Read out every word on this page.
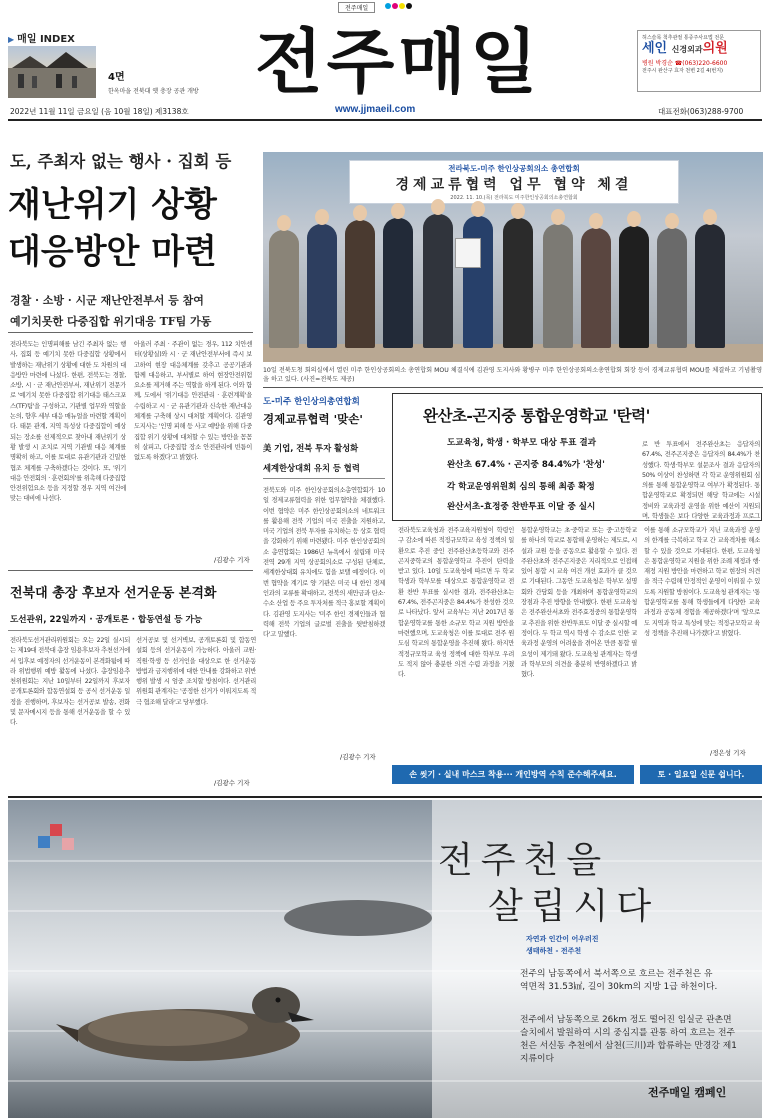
전주매일
▶ 매일 INDEX
4면
한옥마을 전북대 옛 충장 공관 개방 전주매일	허스슬목 척추관절 통증주사요법 전문
세인 신경외과의원
병원 박경순 ☎(063)220-6600
전주시 완산구 효자 천변 2길 4(번지)
2022년 11월 11일 금요일 (음 10월 18일) 제3138호	www.jjmaeil.com	대표전화(063)288-9700
도, 주최자 없는 행사 · 집회 등
재난위기 상황
대응방안 마련
경찰 · 소방 · 시군 재난안전부서 등 참여
예기치못한 다중집합 위기대응 TF팀 가동
전라북도는 인명피해를 남긴 주최자 없는 행사, 집회 등 예기치 못한 다중집합 상황에서 발생하는 재난위기 상황에 대한 도 차원의 대응방안 마련에 나섰다. 한편, 전북도는 경찰, 소방, 시 · 군 재난안전부서, 재난위기 전문가로 '예기치 못한 다중집합 위기대응 태스크포스(TF)팀'을 구성하고, 기관별 업무와 역할을 논의, 향후 세부 대응 매뉴얼을 마련할 계획이다. 태문 관계, 지역 특성상 다중집합이 예상되는 장소를 선제적으로 찾아내 재난위기 상황 발생 시 조치로 지역 기관별 대응 체계를 명확히 하고, 이를 토대로 유관기관과 긴밀한 협조 체계를 구축하겠다는 것이다. 또, '위기대응 안전회의 · 훈련회의'를 위촉해 다중집합 안전위험요소 등을 지정할 경우 지역 여건에 맞는 대비에 나선다.
아울러 주최 · 주관이 없는 경우, 112 치안센터(상황실)와 시 · 군 재난안전부서에 즉시 보고하여 현장 대응체계를 갖추고 공공기관과 함께 대응하고, 부서별로 하여 현장안전위험요소를 제거해 주는 역할을 하게 된다. 이와 함께, 도에서 '위기대응 안전관리 · 훈련계획'을 수립하고 시 · 군 유관기관과 신속한 재난대응 체계를 구축해 상시 대처할 계획이다. 김관영 도지사는 '인명 피해 등 사고 예방을 위해 다중집합 위기 상황에 대처할 수 있는 방안을 꼼꼼히 살피고, 다중집합 장소 안전관리에 빈틈이 없도록 하겠다'고 밝혔다.
/김광수 기자
전라북도-미주 한인상공회의소 총연합회
경제교류협력 업무 협약 체결
2022. 11. 10.(목) 전라북도 미주한인상공회의소총연합회
10일 전북도청 회의실에서 열린 미주 한인상공회의소 총연합회 MOU 체결식에 김관영 도지사와 황병구 미주 한인상공회의소총연합회 회장 등이 경제교류협력 MOU를 체결하고 기념촬영을 하고 있다. (사진=전북도 제공)
도-미주 한인상의총연합회
경제교류협력 '맞손'
美 기업, 전북 투자 활성화
세계한상대회 유치 등 협력
전북도와 미주 한인상공회의소총연합회가 10일 경제교류협력을 위한 업무협약을 체결했다. 이번 협약은 미주 한인상공회의소의 네트워크를 활용해 전북 기업의 미국 진출을 지원하고, 미국 기업의 전북 투자를 유치하는 등 상호 협력을 강화하기 위해 마련됐다. 미주 한인상공회의소 총연합회는 1986년 뉴욕에서 설립돼 미국 전역 29개 지역 상공회의소로 구성된 단체로, 세계한상대회 유치에도 힘을 보탤 예정이다. 이번 협약을 계기로 양 기관은 미국 내 한인 경제인과의 교류를 확대하고, 전북의 새만금과 탄소·수소 산업 등 주요 투자처를 적극 홍보할 계획이다. 김관영 도지사는 '미주 한인 경제인들과 협력해 전북 기업의 글로벌 진출을 뒷받침하겠다'고 말했다.
/김광수 기자
완산초-곤지중 통합운영학교 '탄력'
도교육청, 학생 · 학부모 대상 투표 결과
완산초 67.4% · 곤지중 84.4%가 '찬성'
각 학교운영위원회 심의 통해 최종 확정
완산서초-효정중 찬반투표 이달 중 실시
로 반 투표에서 전주완산초는 응답자의 67.4%, 전주곤지중은 응답자의 84.4%가 찬성했다. 학생·학부모 설문조사 결과 응답자의 50% 이상이 찬성하면 각 학교 운영위원회 심의를 통해 통합운영학교 여부가 확정된다. 통합운영학교로 확정되면 해당 학교에는 시설 정비와 교육과정 운영을 위한 예산이 지원되며, 학생들은 보다 다양한 교육과정과 프로그
전라북도교육청과 전주교육지원청이 학령인구 감소에 따른 적정규모학교 육성 정책의 일환으로 추진 중인 전주완산초등학교와 전주곤지중학교의 통합운영학교 추진이 탄력을 받고 있다. 10일 도교육청에 따르면 두 학교 학생과 학부모를 대상으로 통합운영학교 전환 찬반 투표를 실시한 결과, 전주완산초는 67.4%, 전주곤지중은 84.4%가 찬성한 것으로 나타났다. 앞서 교육부는 지난 2017년 통합운영학교를 통한 소규모 학교 지원 방안을 마련했으며, 도교육청은 이를 토대로 전주 원도심 학교의 통합운영을 추진해 왔다. 하지만 적정규모학교 육성 정책에 대한 학부모 우려도 적지 않아 충분한 의견 수렴 과정을 거쳤다.
통합운영학교는 초·중학교 또는 중·고등학교를 하나의 학교로 통합해 운영하는 제도로, 시설과 교원 등을 공동으로 활용할 수 있다. 전주완산초와 전주곤지중은 지리적으로 인접해 있어 통합 시 교육 여건 개선 효과가 클 것으로 기대된다. 그동안 도교육청은 학부모 설명회와 간담회 등을 개최하며 통합운영학교의 장점과 추진 방향을 안내했다. 한편 도교육청은 전주완산서초와 전주효정중의 통합운영학교 추진을 위한 찬반투표도 이달 중 실시할 예정이다. 두 학교 역시 학생 수 감소로 인한 교육과정 운영의 어려움을 겪어온 만큼 통합 필요성이 제기돼 왔다. 도교육청 관계자는 학생과 학부모의 의견을 충분히 반영하겠다고 밝혔다.
이를 통해 소규모학교가 지닌 교육과정 운영의 한계를 극복하고 학교 간 교육격차를 해소할 수 있을 것으로 기대된다. 한편, 도교육청은 통합운영학교 지원을 위한 조례 제정과 행·재정 지원 방안을 마련하고 학교 현장의 의견을 적극 수렴해 안정적인 운영이 이뤄질 수 있도록 지원할 방침이다. 도교육청 관계자는 '통합운영학교를 통해 학생들에게 다양한 교육과정과 공동체 경험을 제공하겠다'며 '앞으로도 지역과 학교 특성에 맞는 적정규모학교 육성 정책을 추진해 나가겠다'고 밝혔다.
/정은성 기자
전북대 총장 후보자 선거운동 본격화
도선관위, 22일까지 · 공개토론 · 합동연설 등 가능
전라북도선거관리위원회는 오는 22일 실시되는 제19대 전북대 총장 임용후보자 추천선거에서 입후보 예정자의 선거운동이 본격화됨에 따라 위법행위 예방 활동에 나섰다. 총장임용추천위원회는 지난 10일부터 22일까지 후보자 공개토론회와 합동연설회 등 공식 선거운동 일정을 진행하며, 후보자는 선거공보 발송, 전화 및 문자메시지 등을 통해 선거운동을 할 수 있다.
선거공보 및 선거벽보, 공개토론회 및 합동연설회 등의 선거운동이 가능하다. 아울러 교원·직원·학생 등 선거인을 대상으로 한 선거운동 방법과 금지행위에 대한 안내를 강화하고 위반행위 발생 시 엄중 조치할 방침이다. 선거관리위원회 관계자는 '공정한 선거가 이뤄지도록 적극 협조해 달라'고 당부했다.
/김광수 기자
손 씻기 · 실내 마스크 착용··· 개인방역 수칙 준수해주세요.	토 · 일요일 신문 쉽니다.
전주천을
살립시다
자연과 인간이 어우러진
생태하천 - 전주천
전주의 남동쪽에서 북서쪽으로 흐르는 전주천은 유역면적 31.53㎢, 길이 30km의 지방 1급 하천이다.
전주에서 남동쪽으로 26km 정도 떨어진 임실군 관촌면 슬치에서 발원하여 시의 중심지를 관통 하여 흐르는 전주천은 서신동 추천에서 삼천(三川)과 합류하는 만경강 제1지류이다
전주매일 캠페인
